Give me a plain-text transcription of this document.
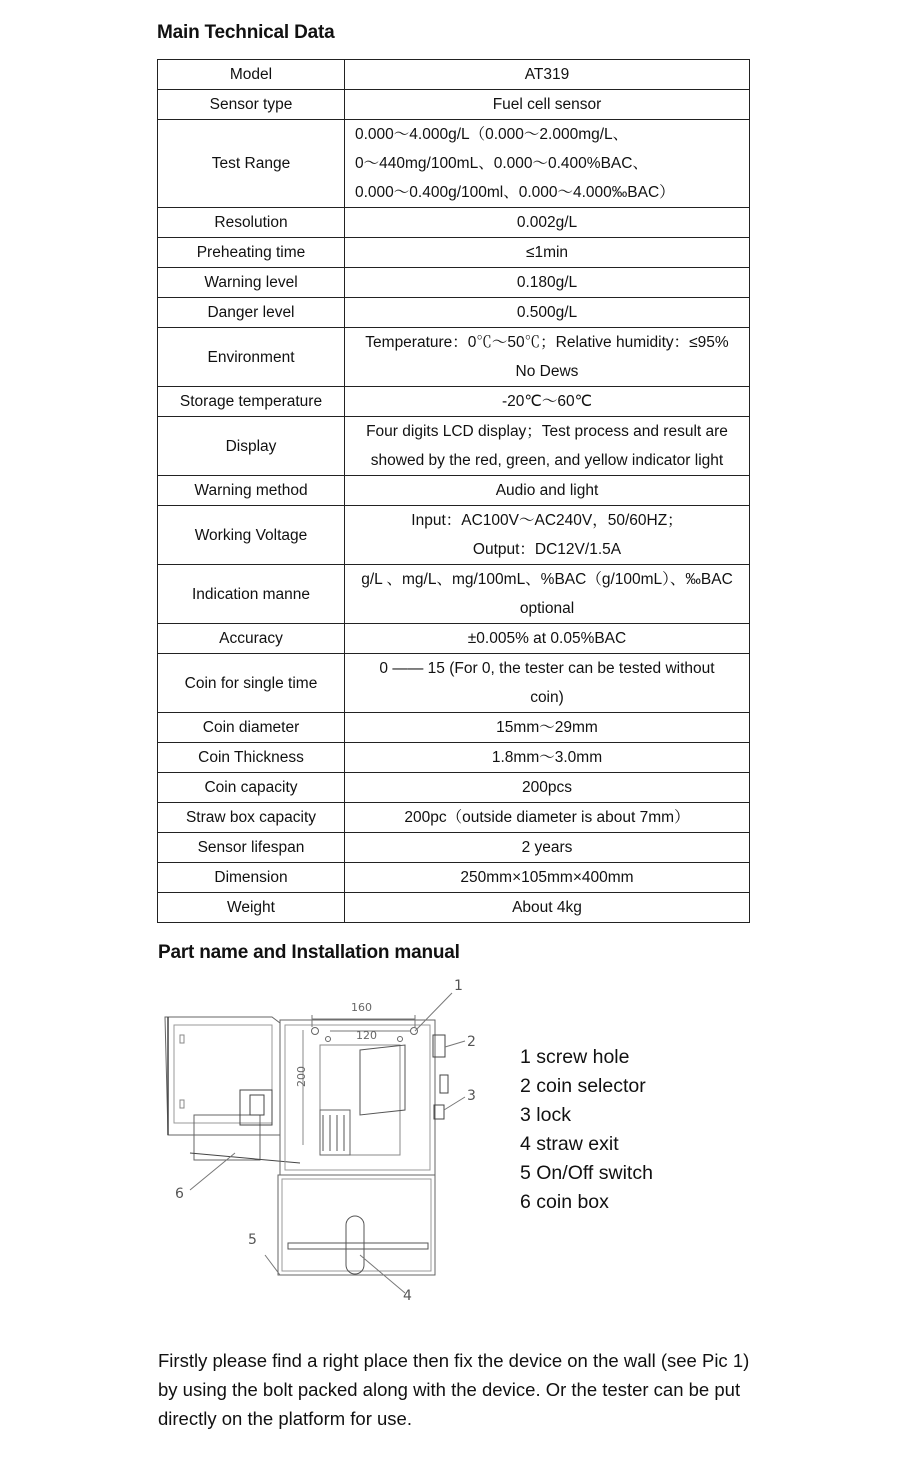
Main Technical Data
Model	AT319

Sensor type	Fuel cell sensor

Test Range	0.000～4.000g/L（0.000～2.000mg/L、
0～440mg/100mL、0.000～0.400%BAC、
0.000～0.400g/100ml、0.000～4.000‰BAC）

Resolution	0.002g/L

Preheating time	≤1min

Warning level	0.180g/L

Danger level	0.500g/L

Environment	Temperature：0℃～50℃；Relative humidity：≤95%
No Dews

Storage temperature	-20℃～60℃

Display	Four digits LCD display；Test process and result are
showed by the red, green, and yellow indicator light

Warning method	Audio and light

Working Voltage	Input：AC100V～AC240V，50/60HZ；
Output：DC12V/1.5A

Indication manne	g/L 、mg/L、mg/100mL、%BAC（g/100mL）、‰BAC
optional

Accuracy	±0.005% at 0.05%BAC

Coin for single time	0 —— 15 (For 0, the tester can be tested without
coin)

Coin diameter	15mm～29mm

Coin Thickness	1.8mm～3.0mm

Coin capacity	200pcs

Straw box capacity	200pc（outside diameter is about 7mm）

Sensor lifespan	2 years

Dimension	250mm×105mm×400mm

Weight	About 4kg
Part name and Installation manual
160
120
200
1
2
3
4
5
6
1 screw hole
2 coin selector
3 lock
4 straw exit
5 On/Off switch
6 coin box
Firstly please find a right place then fix the device on the wall (see Pic 1) by using the bolt packed along with the device. Or the tester can be put directly on the platform for use.
